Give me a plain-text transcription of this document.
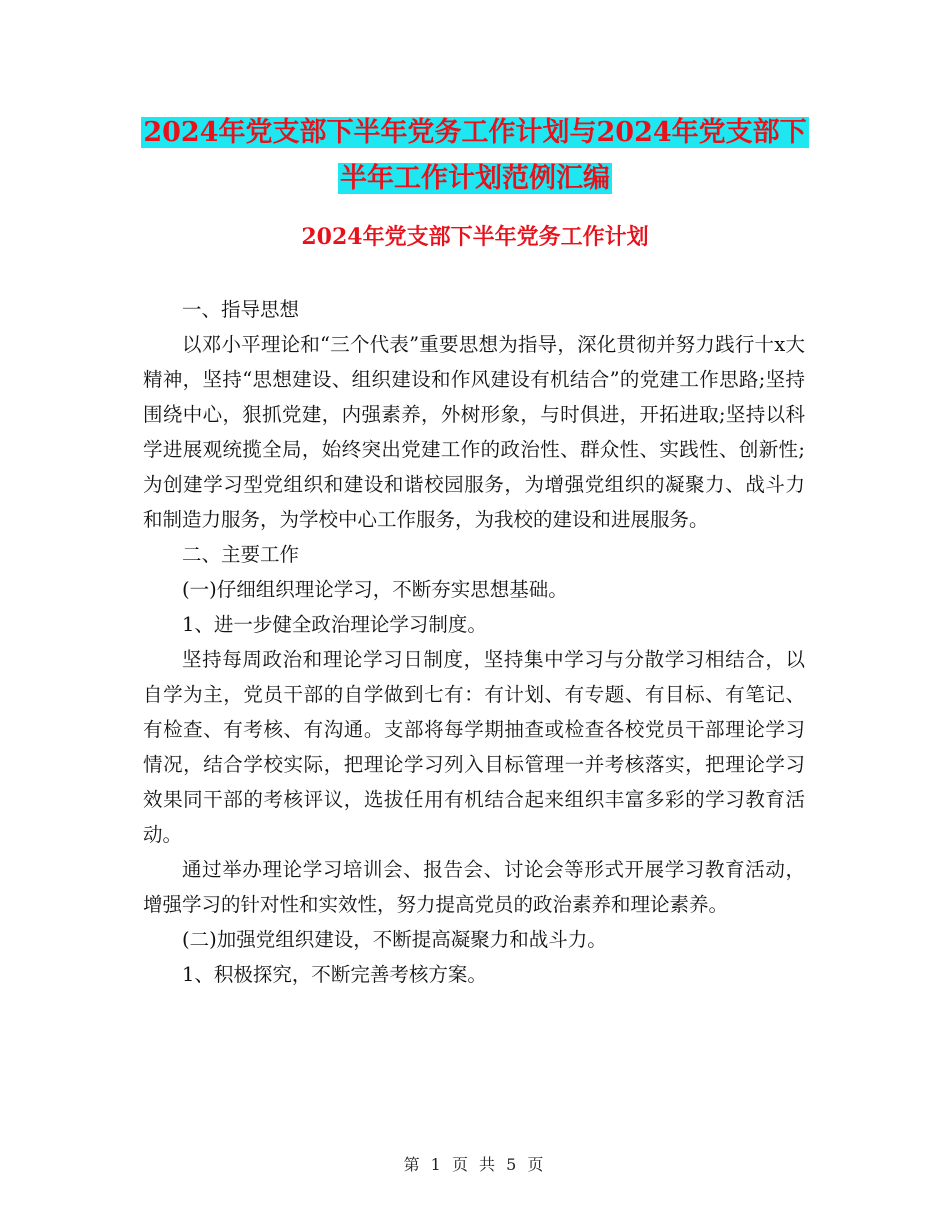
2024年党支部下半年党务工作计划与2024年党支部下
半年工作计划范例汇编
2024年党支部下半年党务工作计划

一、指导思想

以邓小平理论和“三个代表”重要思想为指导，深化贯彻并努力践行十x大精神，坚持“思想建设、组织建设和作风建设有机结合”的党建工作思路;坚持围绕中心，狠抓党建，内强素养，外树形象，与时俱进，开拓进取;坚持以科学进展观统揽全局，始终突出党建工作的政治性、群众性、实践性、创新性;为创建学习型党组织和建设和谐校园服务，为增强党组织的凝聚力、战斗力和制造力服务，为学校中心工作服务，为我校的建设和进展服务。

二、主要工作

(一)仔细组织理论学习，不断夯实思想基础。

1、进一步健全政治理论学习制度。

坚持每周政治和理论学习日制度，坚持集中学习与分散学习相结合，以自学为主，党员干部的自学做到七有：有计划、有专题、有目标、有笔记、有检查、有考核、有沟通。支部将每学期抽查或检查各校党员干部理论学习情况，结合学校实际，把理论学习列入目标管理一并考核落实，把理论学习效果同干部的考核评议，选拔任用有机结合起来组织丰富多彩的学习教育活动。

通过举办理论学习培训会、报告会、讨论会等形式开展学习教育活动，增强学习的针对性和实效性，努力提高党员的政治素养和理论素养。

(二)加强党组织建设，不断提高凝聚力和战斗力。

1、积极探究，不断完善考核方案。

第 1 页 共 5 页
